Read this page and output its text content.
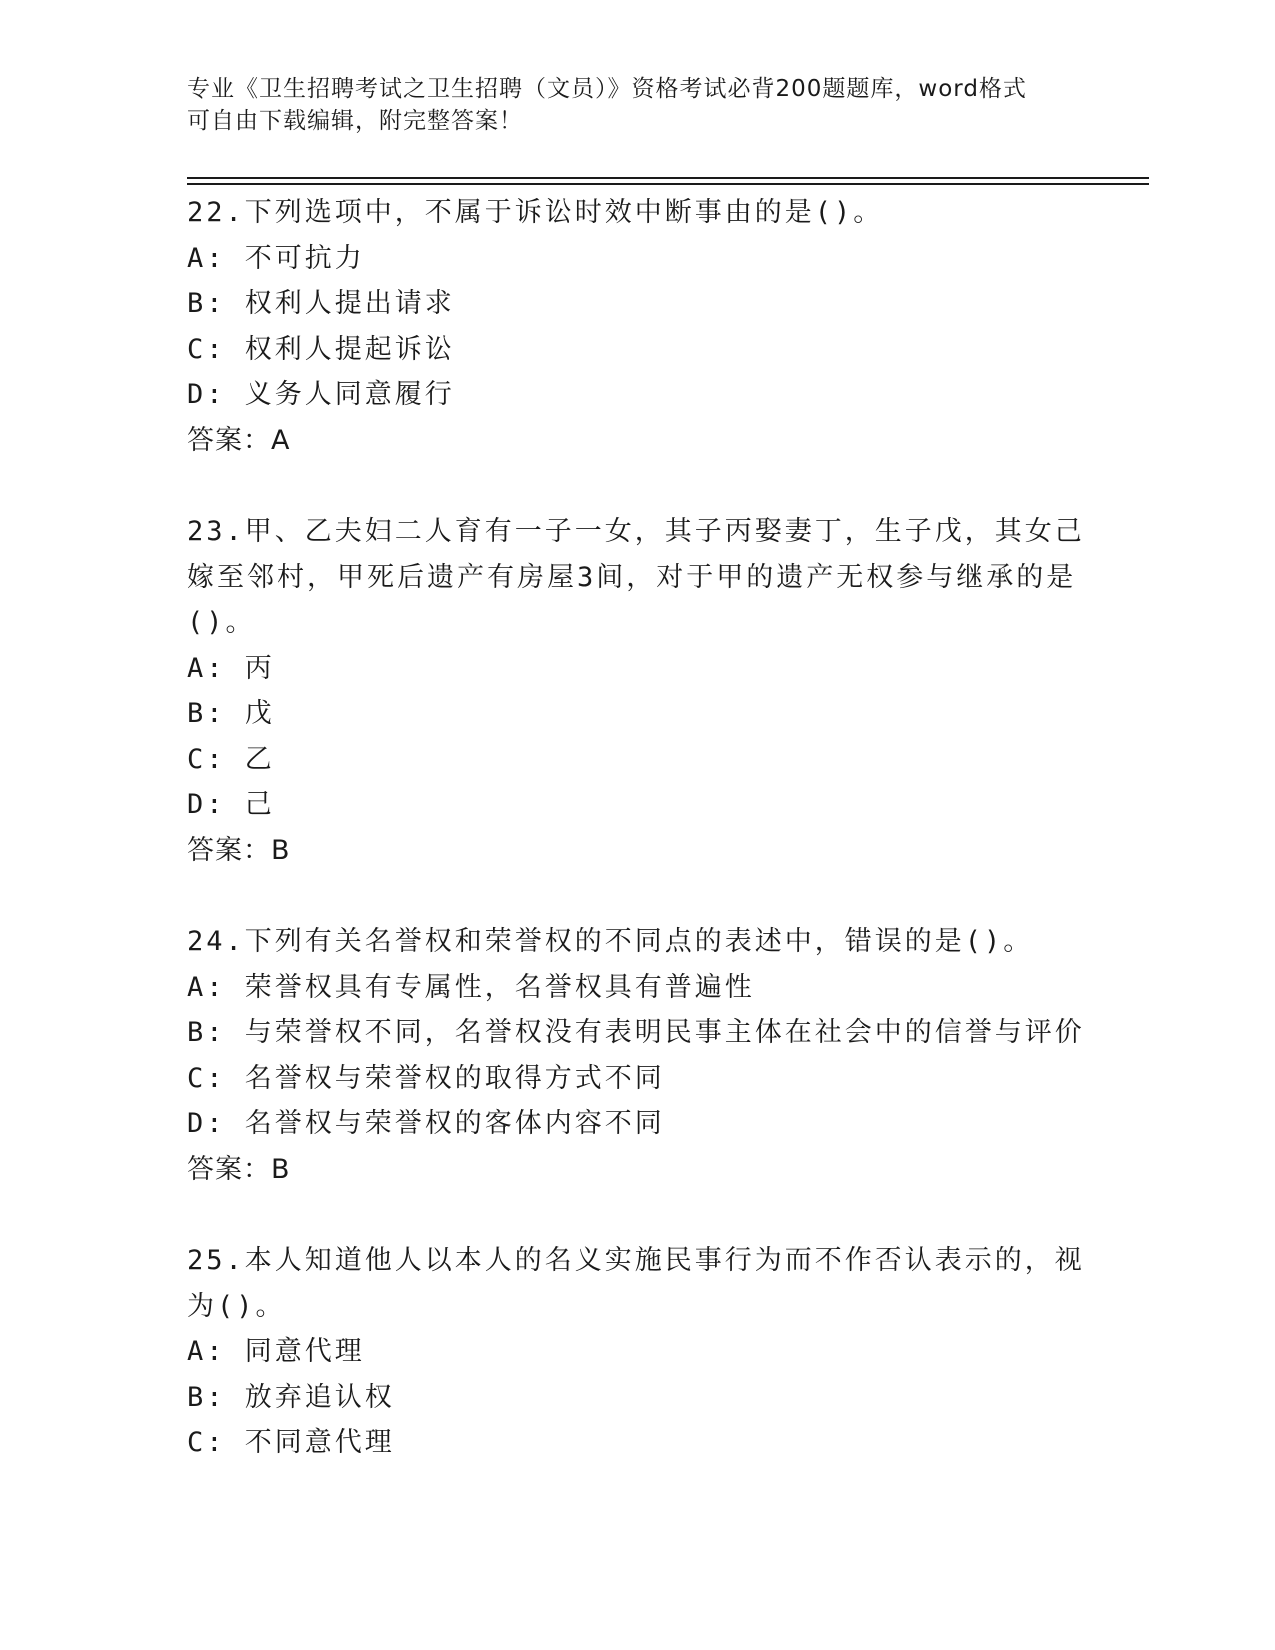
专业《卫生招聘考试之卫生招聘（文员）》资格考试必背200题题库，word格式
可自由下载编辑，附完整答案！
22.下列选项中，不属于诉讼时效中断事由的是()。
A: 不可抗力
B: 权利人提出请求
C: 权利人提起诉讼
D: 义务人同意履行
答案：A
23.甲、乙夫妇二人育有一子一女，其子丙娶妻丁，生子戊，其女己嫁至邻村，甲死后遗产有房屋3间，对于甲的遗产无权参与继承的是()。
A: 丙
B: 戊
C: 乙
D: 己
答案：B
24.下列有关名誉权和荣誉权的不同点的表述中，错误的是()。
A: 荣誉权具有专属性，名誉权具有普遍性
B: 与荣誉权不同，名誉权没有表明民事主体在社会中的信誉与评价
C: 名誉权与荣誉权的取得方式不同
D: 名誉权与荣誉权的客体内容不同
答案：B
25.本人知道他人以本人的名义实施民事行为而不作否认表示的，视为()。
A: 同意代理
B: 放弃追认权
C: 不同意代理
